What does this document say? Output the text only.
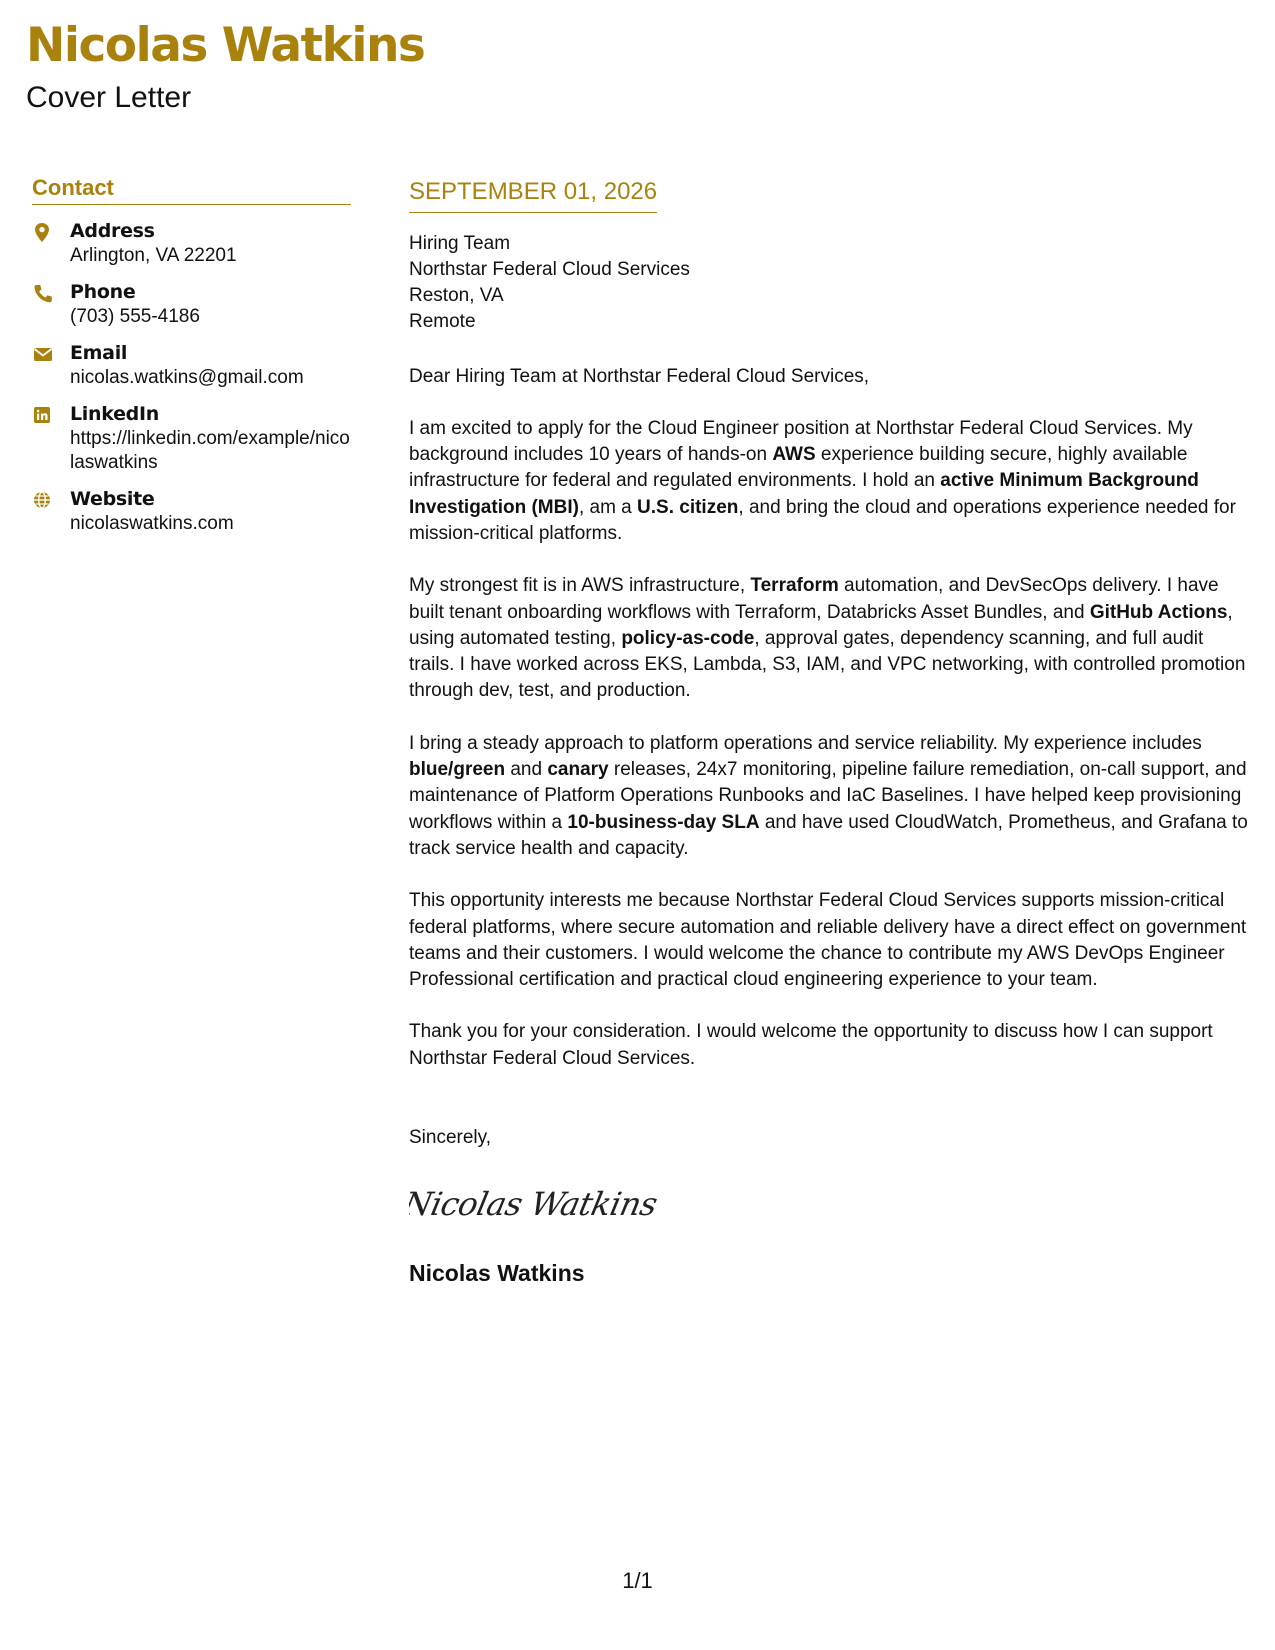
Nicolas Watkins
Cover Letter
Contact
Address
Arlington, VA 22201
Phone
(703) 555-4186
Email
nicolas.watkins@gmail.com
LinkedIn
https://linkedin.com/example/nicolaswatkins
Website
nicolaswatkins.com
SEPTEMBER 01, 2026
Hiring Team
Northstar Federal Cloud Services
Reston, VA
Remote
Dear Hiring Team at Northstar Federal Cloud Services,

I am excited to apply for the Cloud Engineer position at Northstar Federal Cloud Services. My background includes 10 years of hands-on AWS experience building secure, highly available infrastructure for federal and regulated environments. I hold an active Minimum Background Investigation (MBI), am a U.S. citizen, and bring the cloud and operations experience needed for mission-critical platforms.

My strongest fit is in AWS infrastructure, Terraform automation, and DevSecOps delivery. I have built tenant onboarding workflows with Terraform, Databricks Asset Bundles, and GitHub Actions, using automated testing, policy-as-code, approval gates, dependency scanning, and full audit trails. I have worked across EKS, Lambda, S3, IAM, and VPC networking, with controlled promotion through dev, test, and production.

I bring a steady approach to platform operations and service reliability. My experience includes blue/green and canary releases, 24x7 monitoring, pipeline failure remediation, on-call support, and maintenance of Platform Operations Runbooks and IaC Baselines. I have helped keep provisioning workflows within a 10-business-day SLA and have used CloudWatch, Prometheus, and Grafana to track service health and capacity.

This opportunity interests me because Northstar Federal Cloud Services supports mission-critical federal platforms, where secure automation and reliable delivery have a direct effect on government teams and their customers. I would welcome the chance to contribute my AWS DevOps Engineer Professional certification and practical cloud engineering experience to your team.

Thank you for your consideration. I would welcome the opportunity to discuss how I can support Northstar Federal Cloud Services.

Sincerely,
Nicolas Watkins
Nicolas Watkins
1/1
